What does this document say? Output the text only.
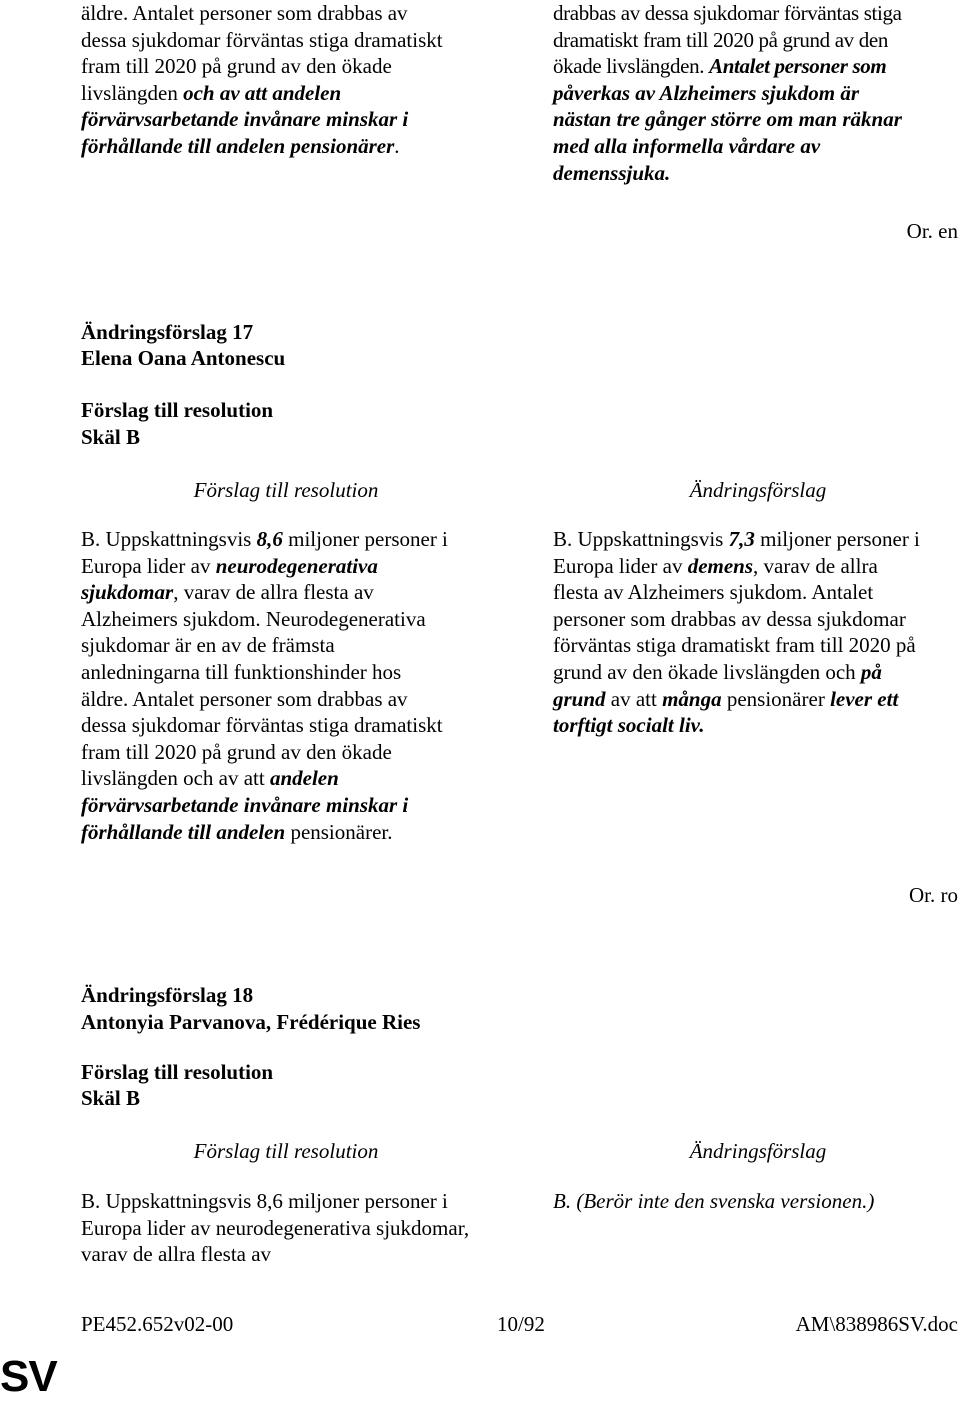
äldre. Antalet personer som drabbas av
dessa sjukdomar förväntas stiga dramatiskt
fram till 2020 på grund av den ökade
livslängden och av att andelen
förvärvsarbetande invånare minskar i
förhållande till andelen pensionärer.
drabbas av dessa sjukdomar förväntas stiga
dramatiskt fram till 2020 på grund av den
ökade livslängden. Antalet personer som
påverkas av Alzheimers sjukdom är
nästan tre gånger större om man räknar
med alla informella vårdare av
demenssjuka.
Or. en
Ändringsförslag 17
Elena Oana Antonescu
Förslag till resolution
Skäl B
Förslag till resolution	Ändringsförslag
B. Uppskattningsvis 8,6 miljoner personer i
Europa lider av neurodegenerativa
sjukdomar, varav de allra flesta av
Alzheimers sjukdom. Neurodegenerativa
sjukdomar är en av de främsta
anledningarna till funktionshinder hos
äldre. Antalet personer som drabbas av
dessa sjukdomar förväntas stiga dramatiskt
fram till 2020 på grund av den ökade
livslängden och av att andelen
förvärvsarbetande invånare minskar i
förhållande till andelen pensionärer.
B. Uppskattningsvis 7,3 miljoner personer i
Europa lider av demens, varav de allra
flesta av Alzheimers sjukdom. Antalet
personer som drabbas av dessa sjukdomar
förväntas stiga dramatiskt fram till 2020 på
grund av den ökade livslängden och på
grund av att många pensionärer lever ett
torftigt socialt liv.
Or. ro
Ändringsförslag 18
Antonyia Parvanova, Frédérique Ries
Förslag till resolution
Skäl B
Förslag till resolution	Ändringsförslag
B. Uppskattningsvis 8,6 miljoner personer i Europa lider av neurodegenerativa sjukdomar, varav de allra flesta av
B. (Berör inte den svenska versionen.)
PE452.652v02-00	10/92	AM\838986SV.doc
SV
